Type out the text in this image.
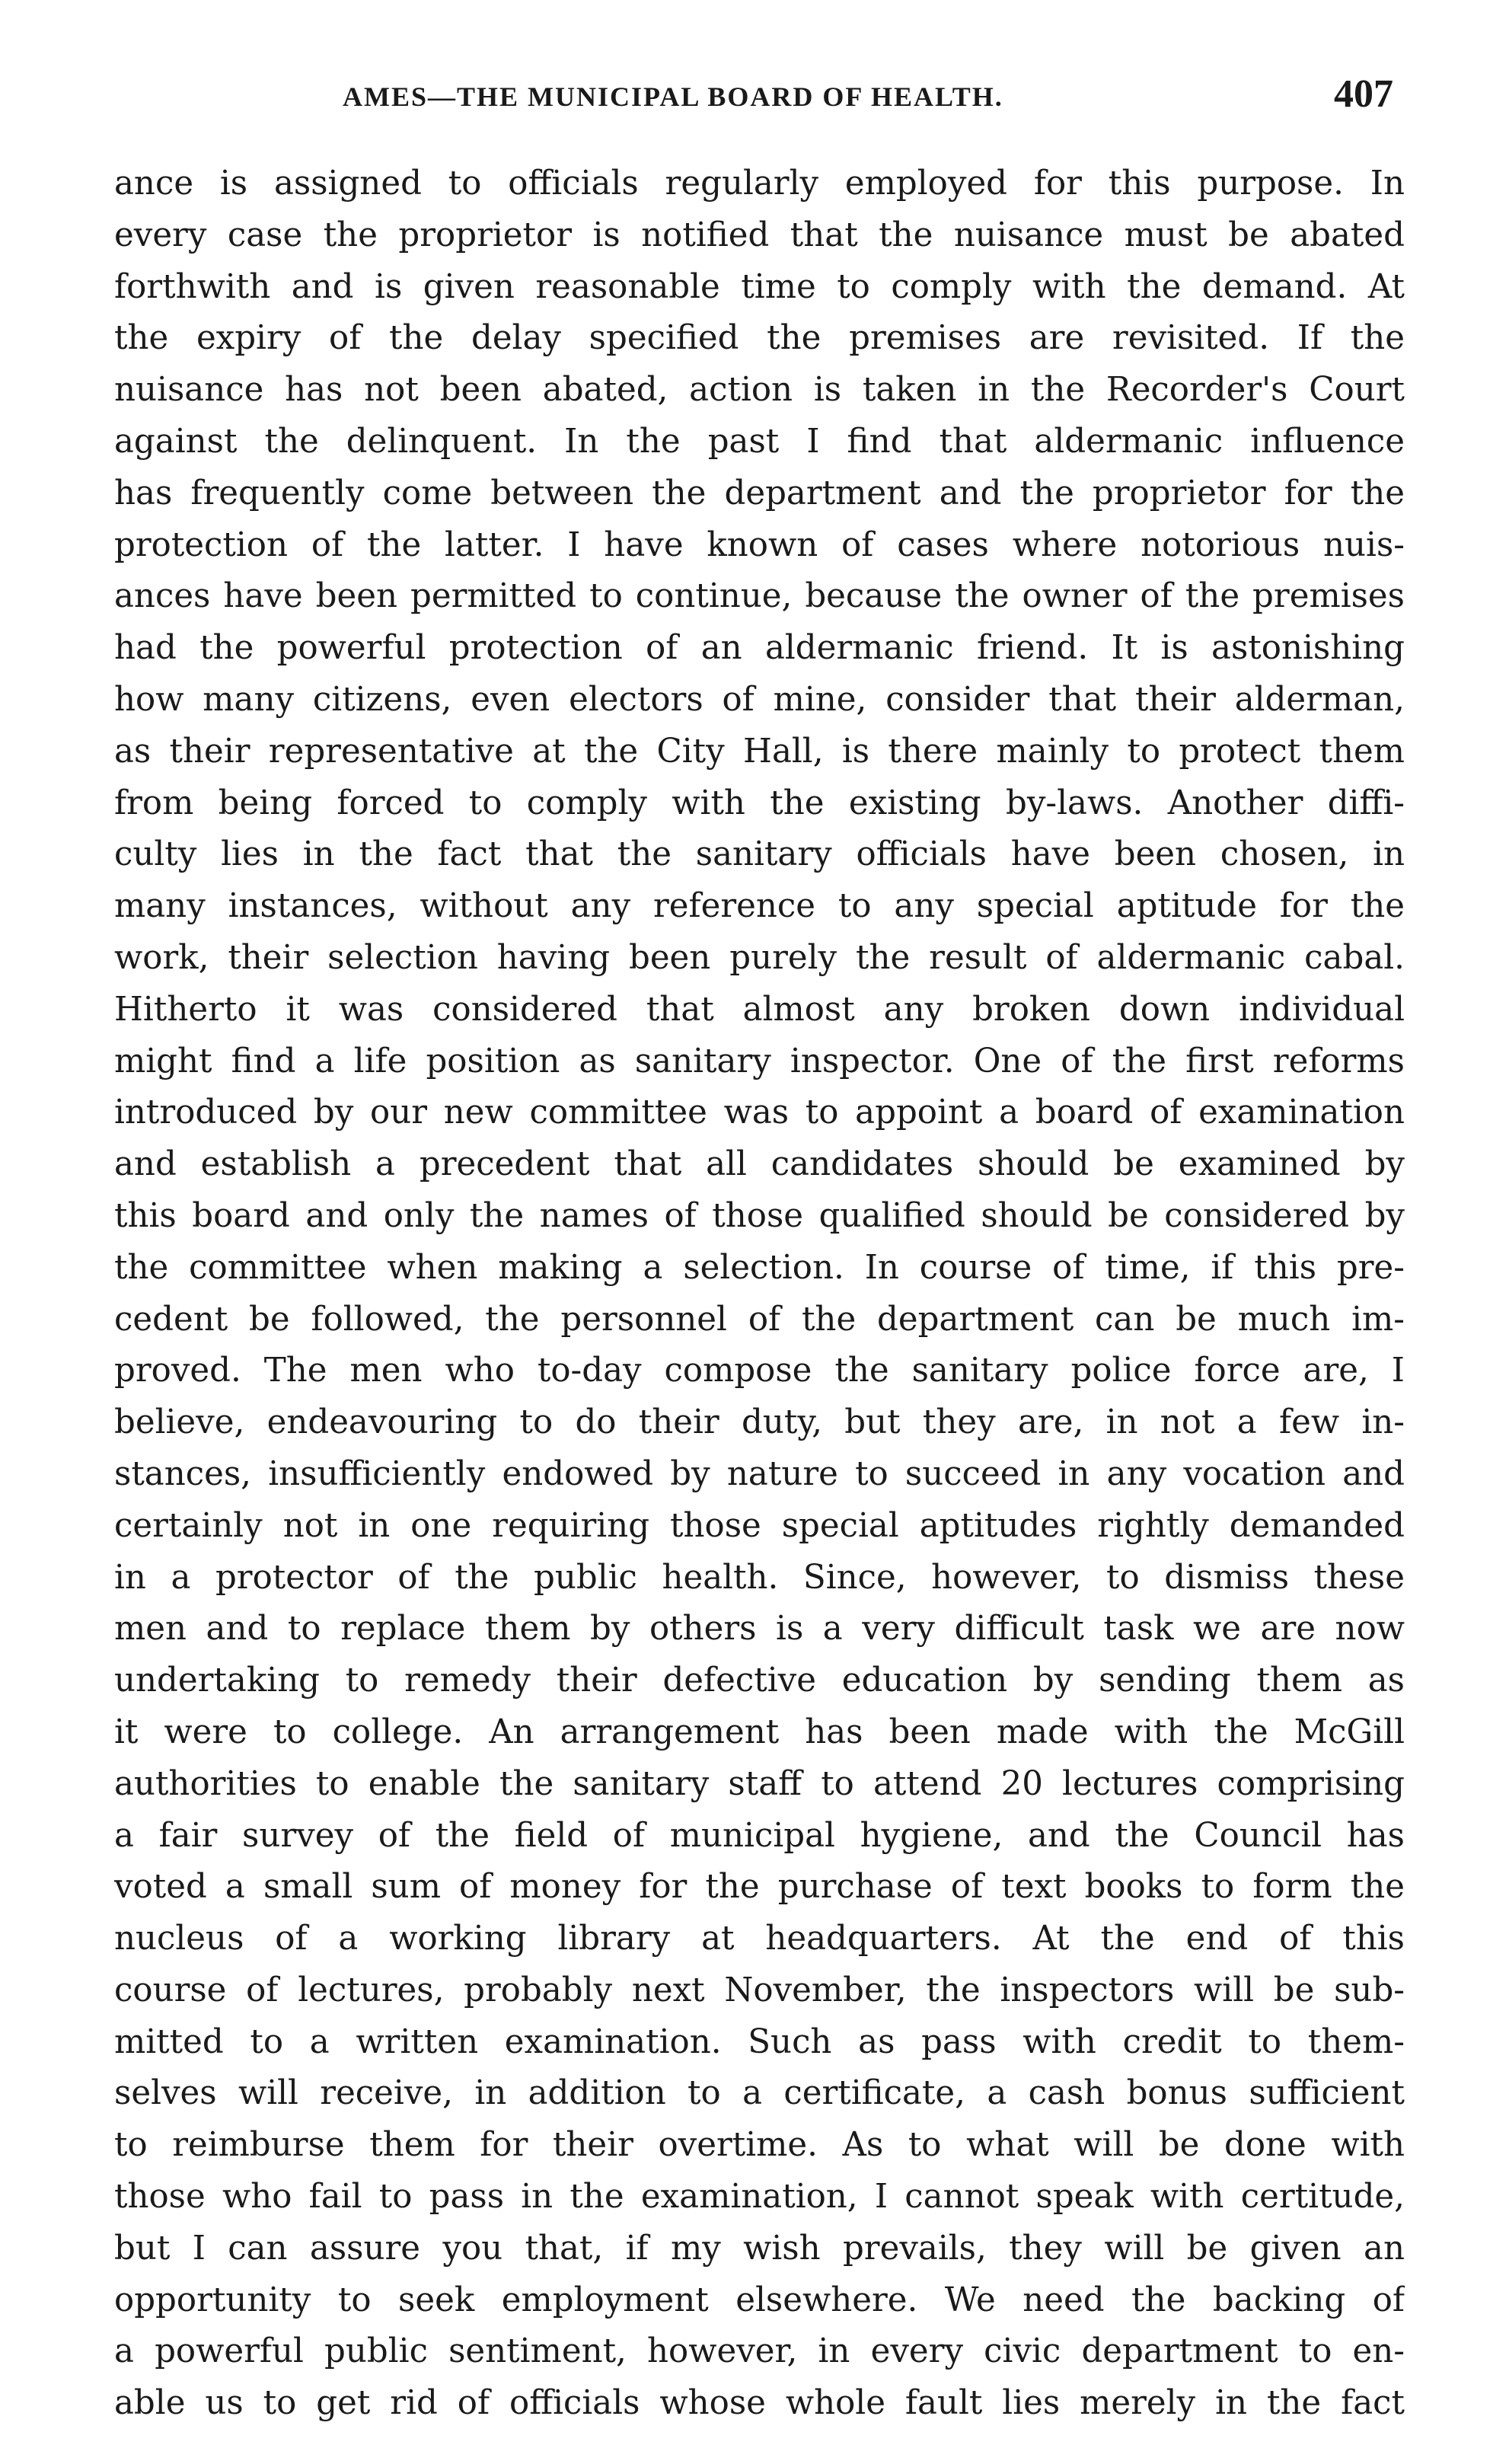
AMES—THE MUNICIPAL BOARD OF HEALTH.	407
ance is assigned to officials regularly employed for this purpose. In
every case the proprietor is notified that the nuisance must be abated
forthwith and is given reasonable time to comply with the demand. At
the expiry of the delay specified the premises are revisited. If the
nuisance has not been abated, action is taken in the Recorder's Court
against the delinquent. In the past I find that aldermanic influence
has frequently come between the department and the proprietor for the
protection of the latter. I have known of cases where notorious nuis-
ances have been permitted to continue, because the owner of the premises
had the powerful protection of an aldermanic friend. It is astonishing
how many citizens, even electors of mine, consider that their alderman,
as their representative at the City Hall, is there mainly to protect them
from being forced to comply with the existing by-laws. Another diffi-
culty lies in the fact that the sanitary officials have been chosen, in
many instances, without any reference to any special aptitude for the
work, their selection having been purely the result of aldermanic cabal.
Hitherto it was considered that almost any broken down individual
might find a life position as sanitary inspector. One of the first reforms
introduced by our new committee was to appoint a board of examination
and establish a precedent that all candidates should be examined by
this board and only the names of those qualified should be considered by
the committee when making a selection. In course of time, if this pre-
cedent be followed, the personnel of the department can be much im-
proved. The men who to-day compose the sanitary police force are, I
believe, endeavouring to do their duty, but they are, in not a few in-
stances, insufficiently endowed by nature to succeed in any vocation and
certainly not in one requiring those special aptitudes rightly demanded
in a protector of the public health. Since, however, to dismiss these
men and to replace them by others is a very difficult task we are now
undertaking to remedy their defective education by sending them as
it were to college. An arrangement has been made with the McGill
authorities to enable the sanitary staff to attend 20 lectures comprising
a fair survey of the field of municipal hygiene, and the Council has
voted a small sum of money for the purchase of text books to form the
nucleus of a working library at headquarters. At the end of this
course of lectures, probably next November, the inspectors will be sub-
mitted to a written examination. Such as pass with credit to them-
selves will receive, in addition to a certificate, a cash bonus sufficient
to reimburse them for their overtime. As to what will be done with
those who fail to pass in the examination, I cannot speak with certitude,
but I can assure you that, if my wish prevails, they will be given an
opportunity to seek employment elsewhere. We need the backing of
a powerful public sentiment, however, in every civic department to en-
able us to get rid of officials whose whole fault lies merely in the fact
